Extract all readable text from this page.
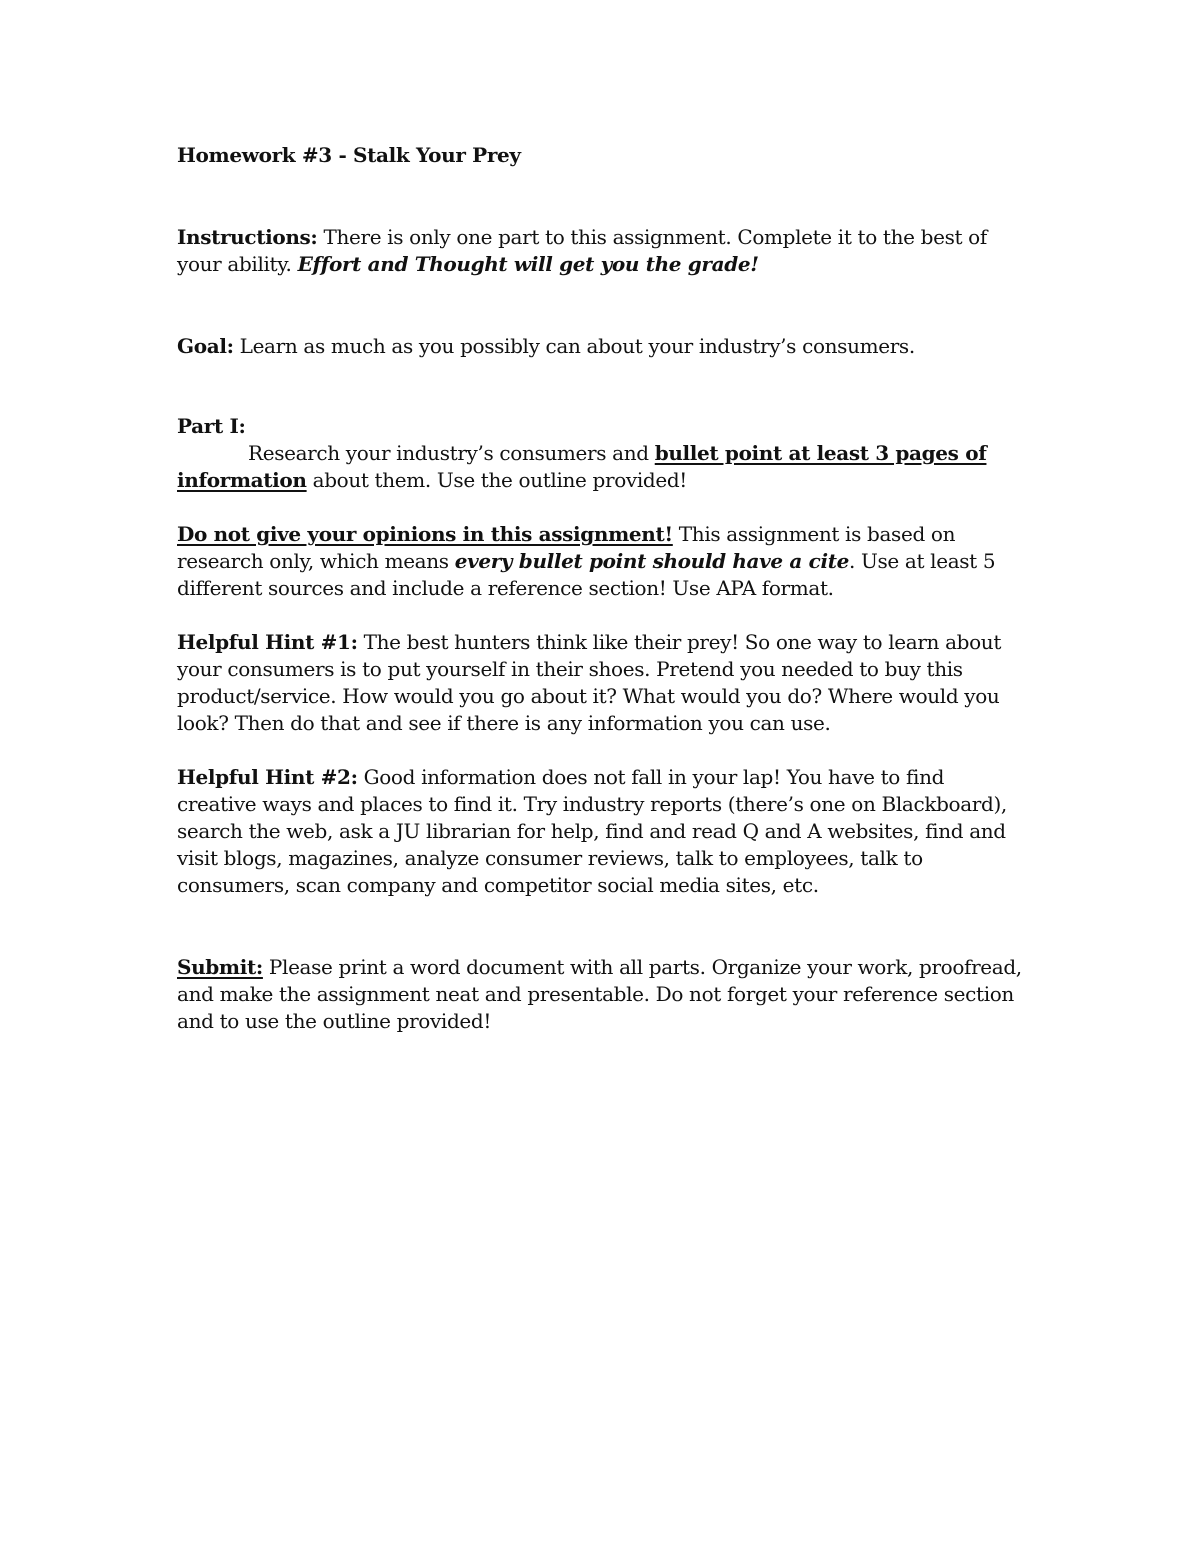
Homework #3 - Stalk Your Prey

Instructions: There is only one part to this assignment. Complete it to the best of your ability. Effort and Thought will get you the grade!

Goal: Learn as much as you possibly can about your industry’s consumers.

Part I:
Research your industry’s consumers and bullet point at least 3 pages of information about them. Use the outline provided!

Do not give your opinions in this assignment! This assignment is based on research only, which means every bullet point should have a cite. Use at least 5 different sources and include a reference section! Use APA format.

Helpful Hint #1: The best hunters think like their prey! So one way to learn about your consumers is to put yourself in their shoes. Pretend you needed to buy this product/service. How would you go about it? What would you do? Where would you look? Then do that and see if there is any information you can use.

Helpful Hint #2: Good information does not fall in your lap! You have to find creative ways and places to find it. Try industry reports (there’s one on Blackboard), search the web, ask a JU librarian for help, find and read Q and A websites, find and visit blogs, magazines, analyze consumer reviews, talk to employees, talk to consumers, scan company and competitor social media sites, etc.

Submit: Please print a word document with all parts. Organize your work, proofread, and make the assignment neat and presentable. Do not forget your reference section and to use the outline provided!
